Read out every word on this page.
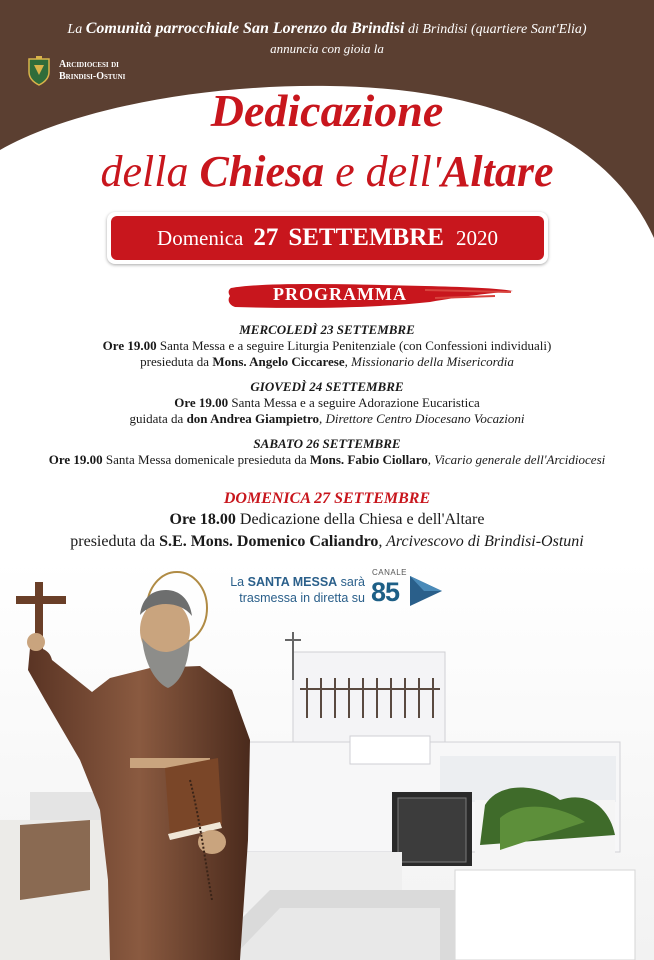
La Comunità parrocchiale San Lorenzo da Brindisi di Brindisi (quartiere Sant'Elia)
annuncia con gioia la
Arcidiocesi di
Brindisi-Ostuni
Dedicazione
della Chiesa e dell'Altare
Domenica 27 SETTEMBRE 2020
PROGRAMMA
MERCOLEDÌ 23 SETTEMBRE
Ore 19.00 Santa Messa e a seguire Liturgia Penitenziale (con Confessioni individuali)
presieduta da Mons. Angelo Ciccarese, Missionario della Misericordia
GIOVEDÌ 24 SETTEMBRE
Ore 19.00 Santa Messa e a seguire Adorazione Eucaristica
guidata da don Andrea Giampietro, Direttore Centro Diocesano Vocazioni
SABATO 26 SETTEMBRE
Ore 19.00 Santa Messa domenicale presieduta da Mons. Fabio Ciollaro, Vicario generale dell'Arcidiocesi
DOMENICA 27 SETTEMBRE
Ore 18.00 Dedicazione della Chiesa e dell'Altare
presieduta da S.E. Mons. Domenico Caliandro, Arcivescovo di Brindisi-Ostuni
La SANTA MESSA sarà
trasmessa in diretta su
CANALE
85
